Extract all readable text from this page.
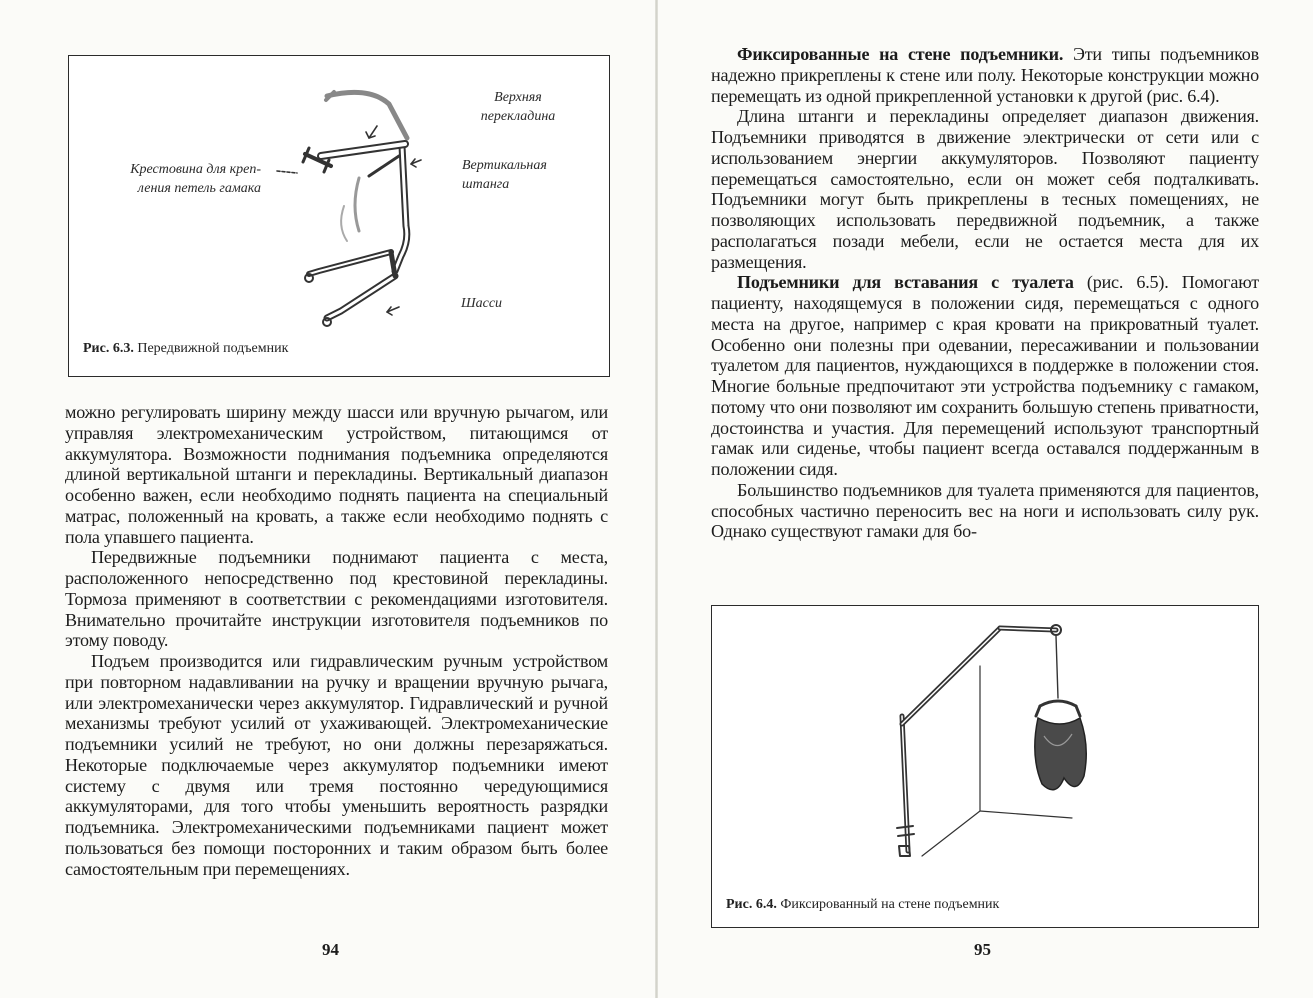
Верхняя
перекладина
Вертикальная
штанга
Шасси
Крестовина для креп-
ления петель гамака
Рис. 6.3. Передвижной подъемник

можно регулировать ширину между шасси или вручную рычагом, или управляя электромеханическим устройством, питающимся от аккумулятора. Возможности поднимания подъемника определяются длиной вертикальной штанги и перекладины. Вертикальный диапазон особенно важен, если необходимо поднять пациента на специальный матрас, положенный на кровать, а также если необходимо поднять с пола упавшего пациента.

Передвижные подъемники поднимают пациента с места, расположенного непосредственно под крестовиной перекладины. Тормоза применяют в соответствии с рекомендациями изготовителя. Внимательно прочитайте инструкции изготовителя подъемников по этому поводу.

Подъем производится или гидравлическим ручным устройством при повторном надавливании на ручку и вращении вручную рычага, или электромеханически через аккумулятор. Гидравлический и ручной механизмы требуют усилий от ухаживающей. Электромеханические подъемники усилий не требуют, но они должны перезаряжаться. Некоторые подключаемые через аккумулятор подъемники имеют систему с двумя или тремя постоянно чередующимися аккумуляторами, для того чтобы уменьшить вероятность разрядки подъемника. Электромеханическими подъемниками пациент может пользоваться без помощи посторонних и таким образом быть более самостоятельным при перемещениях.

94

Фиксированные на стене подъемники. Эти типы подъемников надежно прикреплены к стене или полу. Некоторые конструкции можно перемещать из одной прикрепленной установки к другой (рис. 6.4).

Длина штанги и перекладины определяет диапазон движения. Подъемники приводятся в движение электрически от сети или с использованием энергии аккумуляторов. Позволяют пациенту перемещаться самостоятельно, если он может себя подталкивать. Подъемники могут быть прикреплены в тесных помещениях, не позволяющих использовать передвижной подъемник, а также располагаться позади мебели, если не остается места для их размещения.

Подъемники для вставания с туалета (рис. 6.5). Помогают пациенту, находящемуся в положении сидя, перемещаться с одного места на другое, например с края кровати на прикроватный туалет. Особенно они полезны при одевании, пересаживании и пользовании туалетом для пациентов, нуждающихся в поддержке в положении стоя. Многие больные предпочитают эти устройства подъемнику с гамаком, потому что они позволяют им сохранить большую степень приватности, достоинства и участия. Для перемещений используют транспортный гамак или сиденье, чтобы пациент всегда оставался поддержанным в положении сидя.

Большинство подъемников для туалета применяются для пациентов, способных частично переносить вес на ноги и использовать силу рук. Однако существуют гамаки для бо-

Рис. 6.4. Фиксированный на стене подъемник
95
